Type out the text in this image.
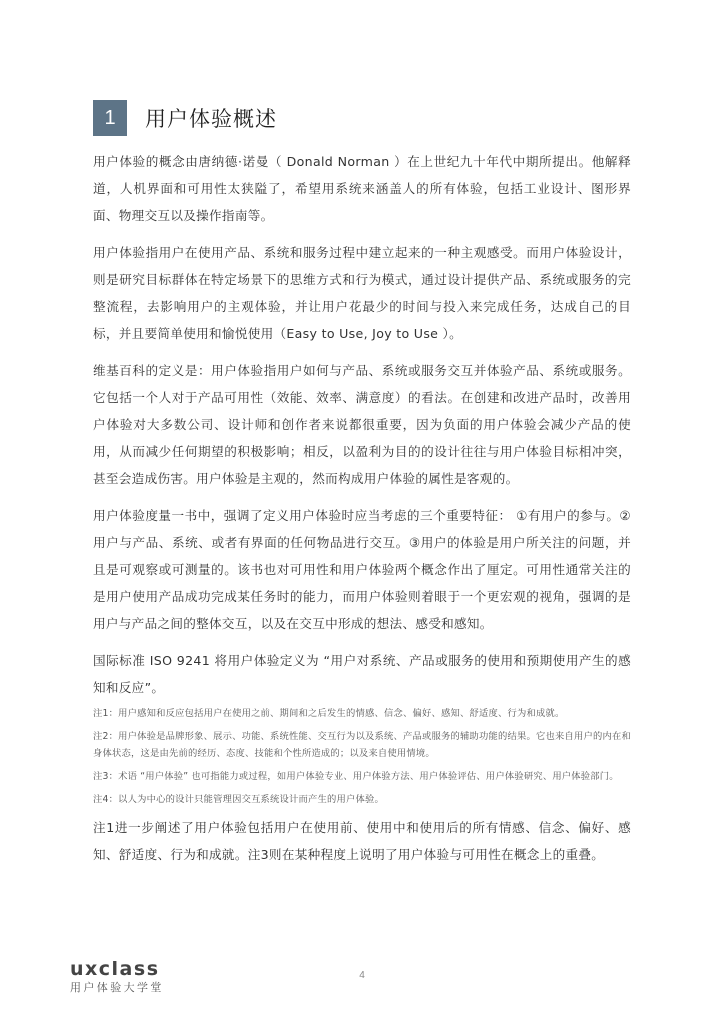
1	用户体验概述

用户体验的概念由唐纳德·诺曼（ Donald Norman ）在上世纪九十年代中期所提出。他解释道，人机界面和可用性太狭隘了，希望用系统来涵盖人的所有体验，包括工业设计、图形界面、物理交互以及操作指南等。

用户体验指用户在使用产品、系统和服务过程中建立起来的一种主观感受。而用户体验设计，则是研究目标群体在特定场景下的思维方式和行为模式，通过设计提供产品、系统或服务的完整流程，去影响用户的主观体验，并让用户花最少的时间与投入来完成任务，达成自己的目标，并且要简单使用和愉悦使用（Easy to Use, Joy to Use ）。

维基百科的定义是：用户体验指用户如何与产品、系统或服务交互并体验产品、系统或服务。它包括一个人对于产品可用性（效能、效率、满意度）的看法。在创建和改进产品时，改善用户体验对大多数公司、设计师和创作者来说都很重要，因为负面的用户体验会减少产品的使用，从而减少任何期望的积极影响；相反，以盈利为目的的设计往往与用户体验目标相冲突，甚至会造成伤害。用户体验是主观的，然而构成用户体验的属性是客观的。

用户体验度量一书中，强调了定义用户体验时应当考虑的三个重要特征： ①有用户的参与。②用户与产品、系统、或者有界面的任何物品进行交互。③用户的体验是用户所关注的问题，并且是可观察或可测量的。该书也对可用性和用户体验两个概念作出了厘定。可用性通常关注的是用户使用产品成功完成某任务时的能力，而用户体验则着眼于一个更宏观的视角，强调的是用户与产品之间的整体交互，以及在交互中形成的想法、感受和感知。

国际标准 ISO 9241 将用户体验定义为 “用户对系统、产品或服务的使用和预期使用产生的感知和反应”。

注1：用户感知和反应包括用户在使用之前、期间和之后发生的情感、信念、偏好、感知、舒适度、行为和成就。

注2：用户体验是品牌形象、展示、功能、系统性能、交互行为以及系统、产品或服务的辅助功能的结果。它也来自用户的内在和身体状态，这是由先前的经历、态度、技能和个性所造成的；以及来自使用情境。

注3：术语 “用户体验” 也可指能力或过程，如用户体验专业、用户体验方法、用户体验评估、用户体验研究、用户体验部门。

注4：以人为中心的设计只能管理因交互系统设计而产生的用户体验。

注1进一步阐述了用户体验包括用户在使用前、使用中和使用后的所有情感、信念、偏好、感知、舒适度、行为和成就。注3则在某种程度上说明了用户体验与可用性在概念上的重叠。

uxclass
用户体验大学堂
4
